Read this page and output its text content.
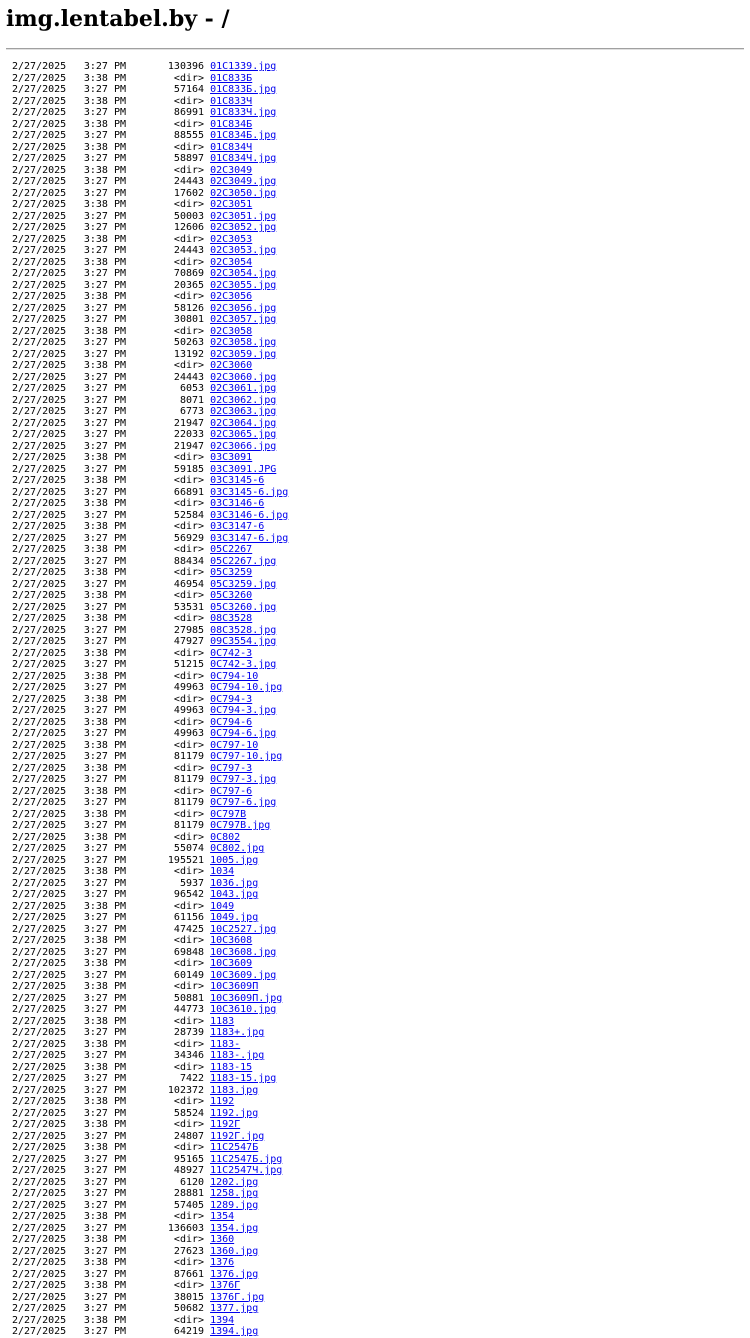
img.lentabel.by - /
2/27/2025 3:27 PM	130396 01C1339.jpg
2/27/2025 3:38 PM	<dir> 01C833Б
2/27/2025 3:27 PM	57164 01C833Б.jpg
2/27/2025 3:38 PM	<dir> 01C833Ч
2/27/2025 3:27 PM	86991 01C833Ч.jpg
2/27/2025 3:38 PM	<dir> 01C834Б
2/27/2025 3:27 PM	88555 01C834Б.jpg
2/27/2025 3:38 PM	<dir> 01C834Ч
2/27/2025 3:27 PM	58897 01C834Ч.jpg
2/27/2025 3:38 PM	<dir> 02C3049
2/27/2025 3:27 PM	24443 02C3049.jpg
2/27/2025 3:27 PM	17602 02C3050.jpg
2/27/2025 3:38 PM	<dir> 02C3051
2/27/2025 3:27 PM	50003 02C3051.jpg
2/27/2025 3:27 PM	12606 02C3052.jpg
2/27/2025 3:38 PM	<dir> 02C3053
2/27/2025 3:27 PM	24443 02C3053.jpg
2/27/2025 3:38 PM	<dir> 02C3054
2/27/2025 3:27 PM	70869 02C3054.jpg
2/27/2025 3:27 PM	20365 02C3055.jpg
2/27/2025 3:38 PM	<dir> 02C3056
2/27/2025 3:27 PM	58126 02C3056.jpg
2/27/2025 3:27 PM	30801 02C3057.jpg
2/27/2025 3:38 PM	<dir> 02C3058
2/27/2025 3:27 PM	50263 02C3058.jpg
2/27/2025 3:27 PM	13192 02C3059.jpg
2/27/2025 3:38 PM	<dir> 02C3060
2/27/2025 3:27 PM	24443 02C3060.jpg
2/27/2025 3:27 PM	6053 02C3061.jpg
2/27/2025 3:27 PM	8071 02C3062.jpg
2/27/2025 3:27 PM	6773 02C3063.jpg
2/27/2025 3:27 PM	21947 02C3064.jpg
2/27/2025 3:27 PM	22033 02C3065.jpg
2/27/2025 3:27 PM	21947 02C3066.jpg
2/27/2025 3:38 PM	<dir> 03C3091
2/27/2025 3:27 PM	59185 03C3091.JPG
2/27/2025 3:38 PM	<dir> 03C3145-6
2/27/2025 3:27 PM	66891 03C3145-6.jpg
2/27/2025 3:38 PM	<dir> 03C3146-6
2/27/2025 3:27 PM	52584 03C3146-6.jpg
2/27/2025 3:38 PM	<dir> 03C3147-6
2/27/2025 3:27 PM	56929 03C3147-6.jpg
2/27/2025 3:38 PM	<dir> 05C2267
2/27/2025 3:27 PM	88434 05C2267.jpg
2/27/2025 3:38 PM	<dir> 05C3259
2/27/2025 3:27 PM	46954 05C3259.jpg
2/27/2025 3:38 PM	<dir> 05C3260
2/27/2025 3:27 PM	53531 05C3260.jpg
2/27/2025 3:38 PM	<dir> 08C3528
2/27/2025 3:27 PM	27985 08C3528.jpg
2/27/2025 3:27 PM	47927 09C3554.jpg
2/27/2025 3:38 PM	<dir> 0C742-3
2/27/2025 3:27 PM	51215 0C742-3.jpg
2/27/2025 3:38 PM	<dir> 0C794-10
2/27/2025 3:27 PM	49963 0C794-10.jpg
2/27/2025 3:38 PM	<dir> 0C794-3
2/27/2025 3:27 PM	49963 0C794-3.jpg
2/27/2025 3:38 PM	<dir> 0C794-6
2/27/2025 3:27 PM	49963 0C794-6.jpg
2/27/2025 3:38 PM	<dir> 0C797-10
2/27/2025 3:27 PM	81179 0C797-10.jpg
2/27/2025 3:38 PM	<dir> 0C797-3
2/27/2025 3:27 PM	81179 0C797-3.jpg
2/27/2025 3:38 PM	<dir> 0C797-6
2/27/2025 3:27 PM	81179 0C797-6.jpg
2/27/2025 3:38 PM	<dir> 0C797В
2/27/2025 3:27 PM	81179 0C797В.jpg
2/27/2025 3:38 PM	<dir> 0C802
2/27/2025 3:27 PM	55074 0C802.jpg
2/27/2025 3:27 PM	195521 1005.jpg
2/27/2025 3:38 PM	<dir> 1034
2/27/2025 3:27 PM	5937 1036.jpg
2/27/2025 3:27 PM	96542 1043.jpg
2/27/2025 3:38 PM	<dir> 1049
2/27/2025 3:27 PM	61156 1049.jpg
2/27/2025 3:27 PM	47425 10C2527.jpg
2/27/2025 3:38 PM	<dir> 10C3608
2/27/2025 3:27 PM	69848 10C3608.jpg
2/27/2025 3:38 PM	<dir> 10C3609
2/27/2025 3:27 PM	60149 10C3609.jpg
2/27/2025 3:38 PM	<dir> 10C3609П
2/27/2025 3:27 PM	50881 10C3609П.jpg
2/27/2025 3:27 PM	44773 10C3610.jpg
2/27/2025 3:38 PM	<dir> 1183
2/27/2025 3:27 PM	28739 1183+.jpg
2/27/2025 3:38 PM	<dir> 1183-
2/27/2025 3:27 PM	34346 1183-.jpg
2/27/2025 3:38 PM	<dir> 1183-15
2/27/2025 3:27 PM	7422 1183-15.jpg
2/27/2025 3:27 PM	102372 1183.jpg
2/27/2025 3:38 PM	<dir> 1192
2/27/2025 3:27 PM	58524 1192.jpg
2/27/2025 3:38 PM	<dir> 1192Г
2/27/2025 3:27 PM	24807 1192Г.jpg
2/27/2025 3:38 PM	<dir> 11C2547Б
2/27/2025 3:27 PM	95165 11C2547Б.jpg
2/27/2025 3:27 PM	48927 11C2547Ч.jpg
2/27/2025 3:27 PM	6120 1202.jpg
2/27/2025 3:27 PM	28881 1258.jpg
2/27/2025 3:27 PM	57405 1289.jpg
2/27/2025 3:38 PM	<dir> 1354
2/27/2025 3:27 PM	136603 1354.jpg
2/27/2025 3:38 PM	<dir> 1360
2/27/2025 3:27 PM	27623 1360.jpg
2/27/2025 3:38 PM	<dir> 1376
2/27/2025 3:27 PM	87661 1376.jpg
2/27/2025 3:38 PM	<dir> 1376Г
2/27/2025 3:27 PM	38015 1376Г.jpg
2/27/2025 3:27 PM	50682 1377.jpg
2/27/2025 3:38 PM	<dir> 1394
2/27/2025 3:27 PM	64219 1394.jpg
